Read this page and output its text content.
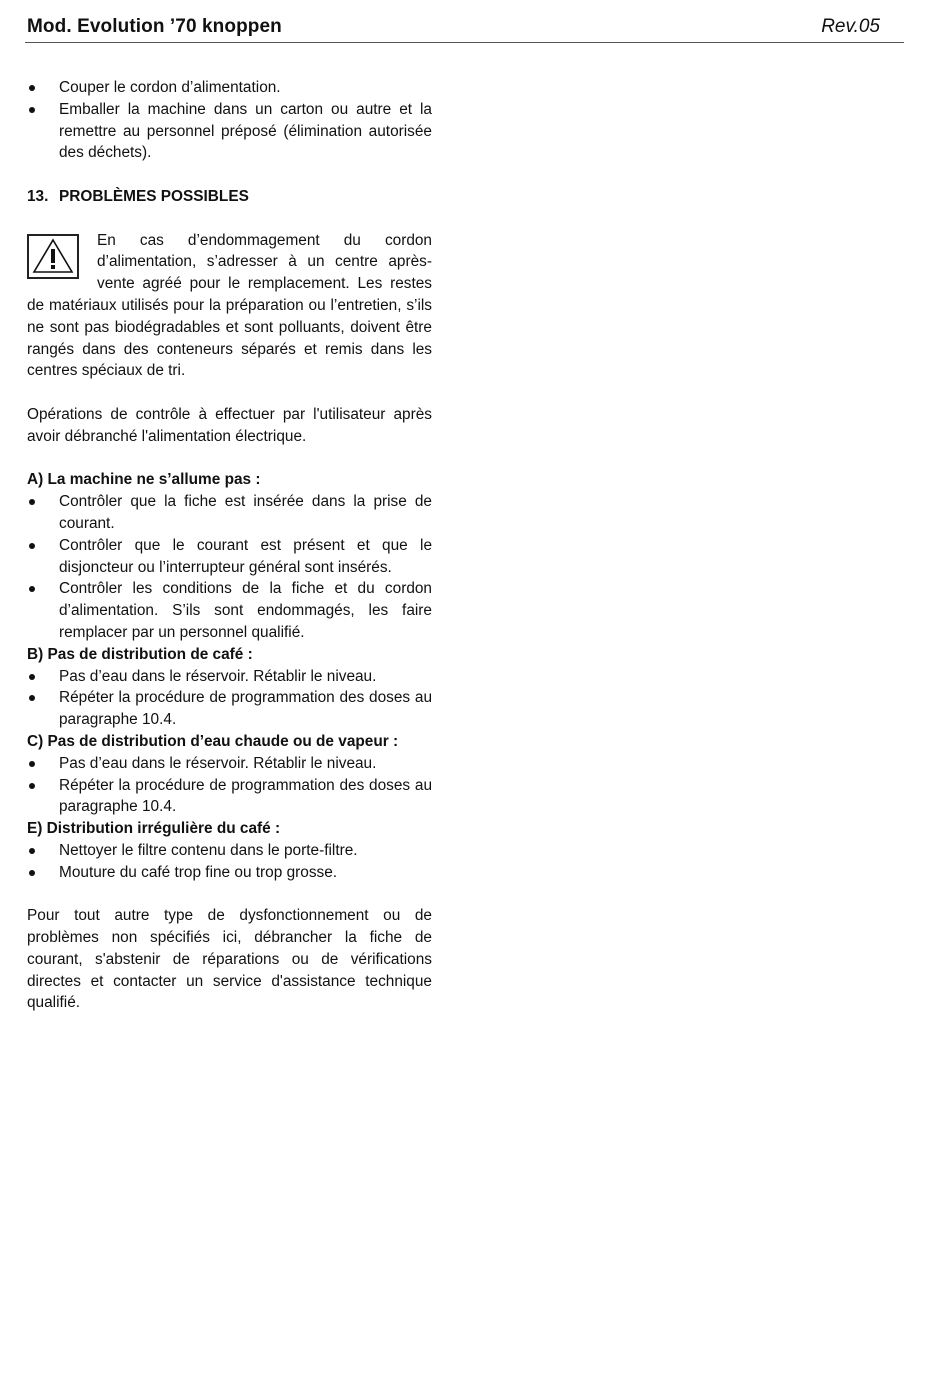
Mod. Evolution ’70 knoppen	Rev.05
Couper le cordon d’alimentation.
Emballer la machine dans un carton ou autre et la remettre au personnel préposé (élimination autorisée des déchets).

13. PROBLÈMES POSSIBLES

En cas d’endommagement du cordon d’alimentation, s’adresser à un centre après-vente agréé pour le remplacement. Les restes de matériaux utilisés pour la préparation ou l’entretien, s’ils ne sont pas biodégradables et sont polluants, doivent être rangés dans des conteneurs séparés et remis dans les centres spéciaux de tri.

Opérations de contrôle à effectuer par l'utilisateur après avoir débranché l'alimentation électrique.

A) La machine ne s’allume pas :

Contrôler que la fiche est insérée dans la prise de courant.
Contrôler que le courant est présent et que le disjoncteur ou l’interrupteur général sont insérés.
Contrôler les conditions de la fiche et du cordon d’alimentation. S’ils sont endommagés, les faire remplacer par un personnel qualifié.

B) Pas de distribution de café :

Pas d’eau dans le réservoir. Rétablir le niveau.
Répéter la procédure de programmation des doses au paragraphe 10.4.

C) Pas de distribution d’eau chaude ou de vapeur :

Pas d’eau dans le réservoir. Rétablir le niveau.
Répéter la procédure de programmation des doses au paragraphe 10.4.

E) Distribution irrégulière du café :

Nettoyer le filtre contenu dans le porte-filtre.
Mouture du café trop fine ou trop grosse.

Pour tout autre type de dysfonctionnement ou de problèmes non spécifiés ici, débrancher la fiche de courant, s'abstenir de réparations ou de vérifications directes et contacter un service d'assistance technique qualifié.
